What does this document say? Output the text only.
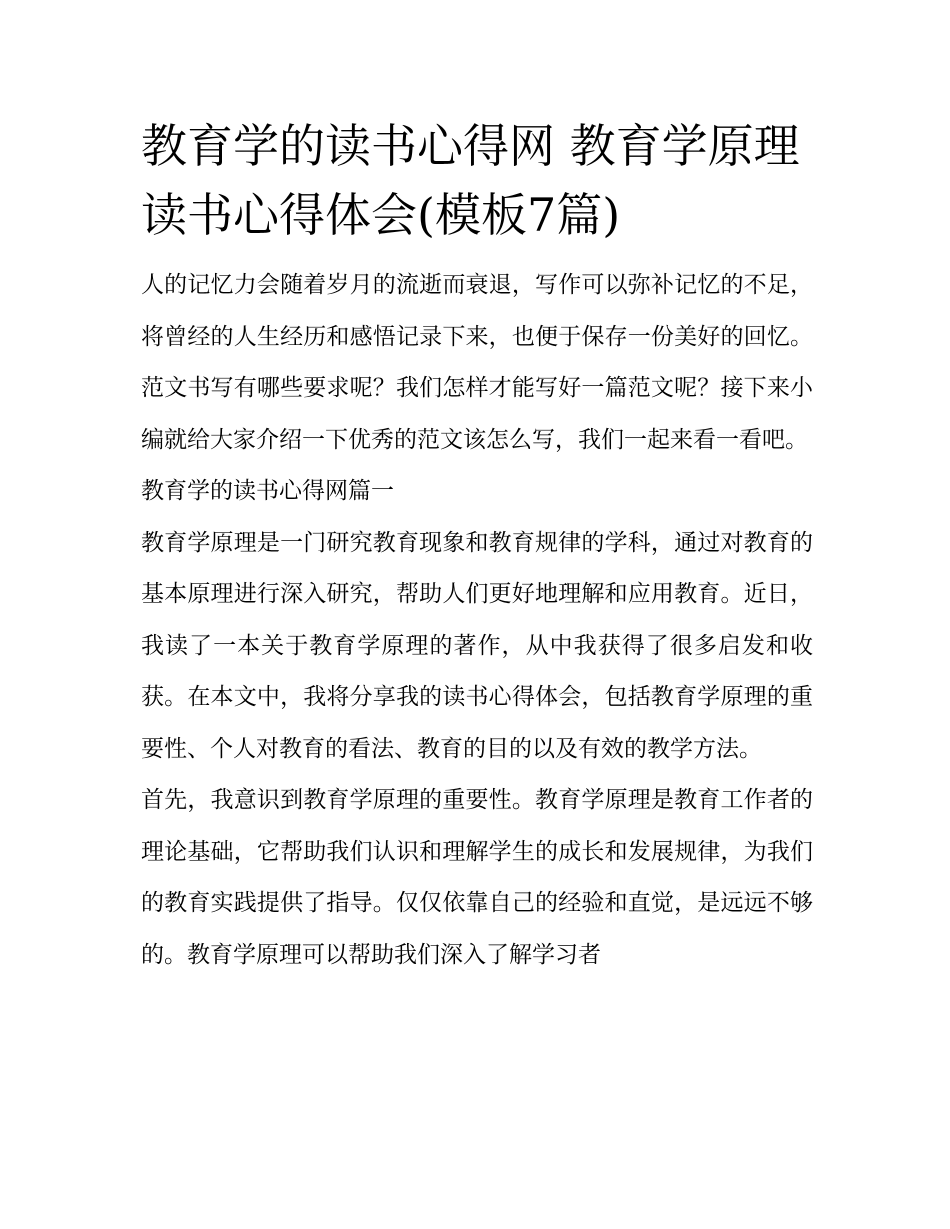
教育学的读书心得网 教育学原理读书心得体会(模板7篇)

人的记忆力会随着岁月的流逝而衰退，写作可以弥补记忆的不足，将曾经的人生经历和感悟记录下来，也便于保存一份美好的回忆。范文书写有哪些要求呢？我们怎样才能写好一篇范文呢？接下来小编就给大家介绍一下优秀的范文该怎么写，我们一起来看一看吧。

教育学的读书心得网篇一

教育学原理是一门研究教育现象和教育规律的学科，通过对教育的基本原理进行深入研究，帮助人们更好地理解和应用教育。近日，我读了一本关于教育学原理的著作，从中我获得了很多启发和收获。在本文中，我将分享我的读书心得体会，包括教育学原理的重要性、个人对教育的看法、教育的目的以及有效的教学方法。

首先，我意识到教育学原理的重要性。教育学原理是教育工作者的理论基础，它帮助我们认识和理解学生的成长和发展规律，为我们的教育实践提供了指导。仅仅依靠自己的经验和直觉，是远远不够的。教育学原理可以帮助我们深入了解学习者
